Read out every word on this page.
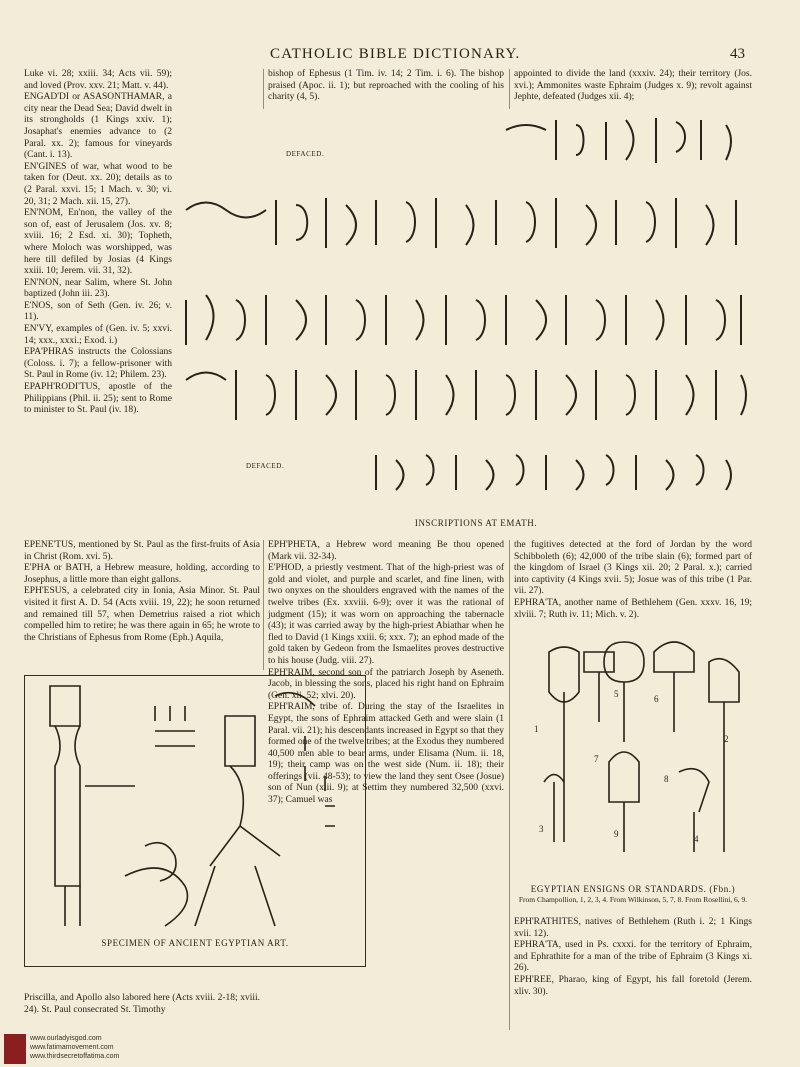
CATHOLIC BIBLE DICTIONARY.	43

Luke vi. 28; xxiii. 34; Acts vii. 59); and loved (Prov. xxv. 21; Matt. v. 44).

ENGAD'DI or ASASONTHAMAR, a city near the Dead Sea; David dwelt in its strongholds (1 Kings xxiv. 1); Josaphat's enemies advance to (2 Paral. xx. 2); famous for vineyards (Cant. i. 13).

EN'GINES of war, what wood to be taken for (Deut. xx. 20); details as to (2 Paral. xxvi. 15; 1 Mach. v. 30; vi. 20, 31; 2 Mach. xii. 15, 27).

EN'NOM, En'non, the valley of the son of, east of Jerusalem (Jos. xv. 8; xviii. 16; 2 Esd. xi. 30); Topheth, where Moloch was worshipped, was here till defiled by Josias (4 Kings xxiii. 10; Jerem. vii. 31, 32).

EN'NON, near Salim, where St. John baptized (John iii. 23).

E'NOS, son of Seth (Gen. iv. 26; v. 11).

EN'VY, examples of (Gen. iv. 5; xxvi. 14; xxx., xxxi.; Exod. i.)

EPA'PHRAS instructs the Colossians (Coloss. i. 7); a fellow-prisoner with St. Paul in Rome (iv. 12; Philem. 23).

EPAPH'RODI'TUS, apostle of the Philippians (Phil. ii. 25); sent to Rome to minister to St. Paul (iv. 18).

bishop of Ephesus (1 Tim. iv. 14; 2 Tim. i. 6). The bishop praised (Apoc. ii. 1); but reproached with the cooling of his charity (4, 5).

appointed to divide the land (xxxiv. 24); their territory (Jos. xvi.); Ammonites waste Ephraim (Judges x. 9); revolt against Jephte, defeated (Judges xii. 4);

DEFACED.
DEFACED.
INSCRIPTIONS AT EMATH.

EPENE'TUS, mentioned by St. Paul as the first-fruits of Asia in Christ (Rom. xvi. 5).

E'PHA or BATH, a Hebrew measure, holding, according to Josephus, a little more than eight gallons.

EPH'ESUS, a celebrated city in Ionia, Asia Minor. St. Paul visited it first A. D. 54 (Acts xviii. 19, 22); he soon returned and remained till 57, when Demetrius raised a riot which compelled him to retire; he was there again in 65; he wrote to the Christians of Ephesus from Rome (Eph.) Aquila,

SPECIMEN OF ANCIENT EGYPTIAN ART.

Priscilla, and Apollo also labored here (Acts xviii. 2-18; xviii. 24). St. Paul consecrated St. Timothy

EPH'PHETA, a Hebrew word meaning Be thou opened (Mark vii. 32-34).

E'PHOD, a priestly vestment. That of the high-priest was of gold and violet, and purple and scarlet, and fine linen, with two onyxes on the shoulders engraved with the names of the twelve tribes (Ex. xxviii. 6-9); over it was the rational of judgment (15); it was worn on approaching the tabernacle (43); it was carried away by the high-priest Abiathar when he fled to David (1 Kings xxiii. 6; xxx. 7); an ephod made of the gold taken by Gedeon from the Ismaelites proves destructive to his house (Judg. viii. 27).

EPH'RAIM, second son of the patriarch Joseph by Aseneth. Jacob, in blessing the sons, placed his right hand on Ephraim (Gen. xli. 52; xlvi. 20).

EPH'RAIM, tribe of. During the stay of the Israelites in Egypt, the sons of Ephraim attacked Geth and were slain (1 Paral. vii. 21); his descendants increased in Egypt so that they formed one of the twelve tribes; at the Exodus they numbered 40,500 men able to bear arms, under Elisama (Num. ii. 18, 19); their camp was on the west side (Num. ii. 18); their offerings (vii. 48-53); to view the land they sent Osee (Josue) son of Nun (xiii. 9); at Settim they numbered 32,500 (xxvi. 37); Camuel was

the fugitives detected at the ford of Jordan by the word Schibboleth (6); 42,000 of the tribe slain (6); formed part of the kingdom of Israel (3 Kings xii. 20; 2 Paral. x.); carried into captivity (4 Kings xvii. 5); Josue was of this tribe (1 Par. vii. 27).

EPHRA'TA, another name of Bethlehem (Gen. xxxv. 16, 19; xlviii. 7; Ruth iv. 11; Mich. v. 2).

1
2
3
4
5	6
7
8
9
EGYPTIAN ENSIGNS OR STANDARDS. (Fbn.)
From Champollion, 1, 2, 3, 4. From Wilkinson, 5, 7, 8. From Rosellini, 6, 9.

EPH'RATHITES, natives of Bethlehem (Ruth i. 2; 1 Kings xvii. 12).

EPHRA'TA, used in Ps. cxxxi. for the territory of Ephraim, and Ephrathite for a man of the tribe of Ephraim (3 Kings xi. 26).

EPH'REE, Pharao, king of Egypt, his fall foretold (Jerem. xliv. 30).

www.ourladyisgod.com
www.fatimamovement.com
www.thirdsecretoffatima.com
